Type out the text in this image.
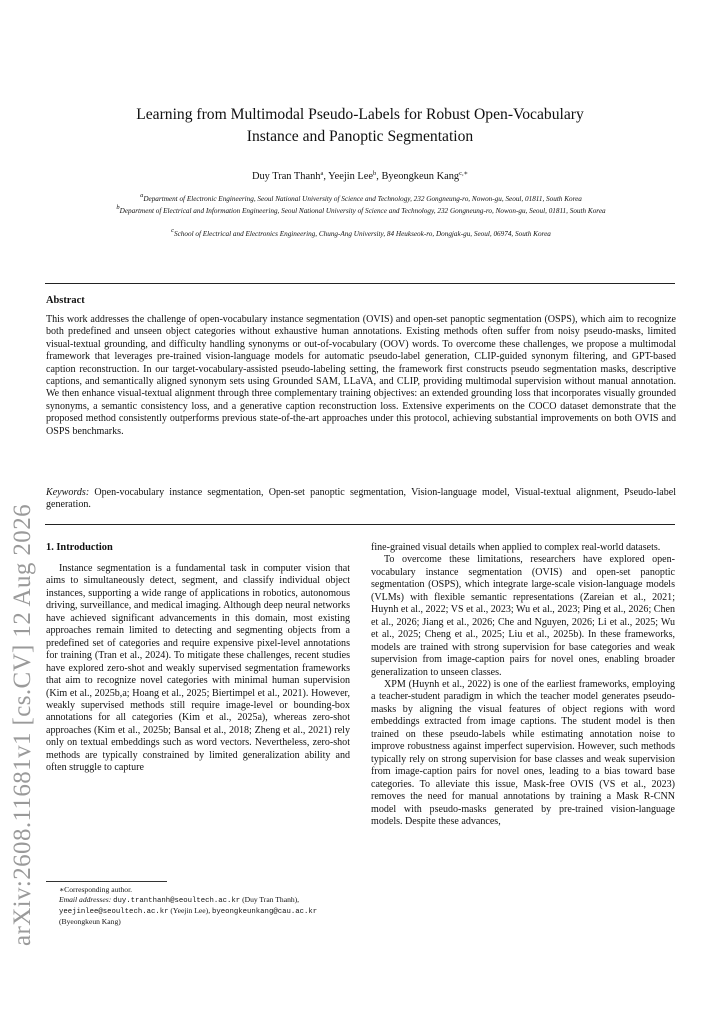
arXiv:2608.11681v1 [cs.CV] 12 Aug 2026
Learning from Multimodal Pseudo-Labels for Robust Open-Vocabulary
Instance and Panoptic Segmentation
Duy Tran Thanh$^a$, Yeejin Lee$^b$, Byeongkeun Kang$^{c,∗}$
$^a$Department of Electronic Engineering, Seoul National University of Science and Technology, 232 Gongneung-ro, Nowon-gu, Seoul, 01811, South Korea
$^b$Department of Electrical and Information Engineering, Seoul National University of Science and Technology, 232 Gongneung-ro, Nowon-gu, Seoul, 01811, South Korea
$^c$School of Electrical and Electronics Engineering, Chung-Ang University, 84 Heukseok-ro, Dongjak-gu, Seoul, 06974, South Korea
Abstract
This work addresses the challenge of open-vocabulary instance segmentation (OVIS) and open-set panoptic segmentation (OSPS), which aim to recognize both predefined and unseen object categories without exhaustive human annotations. Existing methods often suffer from noisy pseudo-masks, limited visual-textual grounding, and difficulty handling synonyms or out-of-vocabulary (OOV) words. To overcome these challenges, we propose a multimodal framework that leverages pre-trained vision-language models for automatic pseudo-label generation, CLIP-guided synonym filtering, and GPT-based caption reconstruction. In our target-vocabulary-assisted pseudo-labeling setting, the framework first constructs pseudo segmentation masks, descriptive captions, and semantically aligned synonym sets using Grounded SAM, LLaVA, and CLIP, providing multimodal supervision without manual annotation. We then enhance visual-textual alignment through three complementary training objectives: an extended grounding loss that incorporates visually grounded synonyms, a semantic consistency loss, and a generative caption reconstruction loss. Extensive experiments on the COCO dataset demonstrate that the proposed method consistently outperforms previous state-of-the-art approaches under this protocol, achieving substantial improvements on both OVIS and OSPS benchmarks.
Keywords: Open-vocabulary instance segmentation, Open-set panoptic segmentation, Vision-language model, Visual-textual alignment, Pseudo-label generation.
1. Introduction

Instance segmentation is a fundamental task in computer vision that aims to simultaneously detect, segment, and classify individual object instances, supporting a wide range of applications in robotics, autonomous driving, surveillance, and medical imaging. Although deep neural networks have achieved significant advancements in this domain, most existing approaches remain limited to detecting and segmenting objects from a predefined set of categories and require expensive pixel-level annotations for training (Tran et al., 2024). To mitigate these challenges, recent studies have explored zero-shot and weakly supervised segmentation frameworks that aim to recognize novel categories with minimal human supervision (Kim et al., 2025b,a; Hoang et al., 2025; Biertimpel et al., 2021). However, weakly supervised methods still require image-level or bounding-box annotations for all categories (Kim et al., 2025a), whereas zero-shot approaches (Kim et al., 2025b; Bansal et al., 2018; Zheng et al., 2021) rely only on textual embeddings such as word vectors. Nevertheless, zero-shot methods are typically constrained by limited generalization ability and often struggle to capture

fine-grained visual details when applied to complex real-world datasets.

To overcome these limitations, researchers have explored open-vocabulary instance segmentation (OVIS) and open-set panoptic segmentation (OSPS), which integrate large-scale vision-language models (VLMs) with flexible semantic representations (Zareian et al., 2021; Huynh et al., 2022; VS et al., 2023; Wu et al., 2023; Ping et al., 2026; Chen et al., 2026; Jiang et al., 2026; Che and Nguyen, 2026; Li et al., 2025; Wu et al., 2025; Cheng et al., 2025; Liu et al., 2025b). In these frameworks, models are trained with strong supervision for base categories and weak supervision from image-caption pairs for novel ones, enabling broader generalization to unseen classes.

XPM (Huynh et al., 2022) is one of the earliest frameworks, employing a teacher-student paradigm in which the teacher model generates pseudo-masks by aligning the visual features of object regions with word embeddings extracted from image captions. The student model is then trained on these pseudo-labels while estimating annotation noise to improve robustness against imperfect supervision. However, such methods typically rely on strong supervision for base classes and weak supervision from image-caption pairs for novel ones, leading to a bias toward base categories. To alleviate this issue, Mask-free OVIS (VS et al., 2023) removes the need for manual annotations by training a Mask R-CNN model with pseudo-masks generated by pre-trained vision-language models. Despite these advances,

∗Corresponding author.
Email addresses: duy.tranthanh@seoultech.ac.kr (Duy Tran Thanh), yeejinlee@seoultech.ac.kr (Yeejin Lee), byeongkeunkang@cau.ac.kr (Byeongkeun Kang)
